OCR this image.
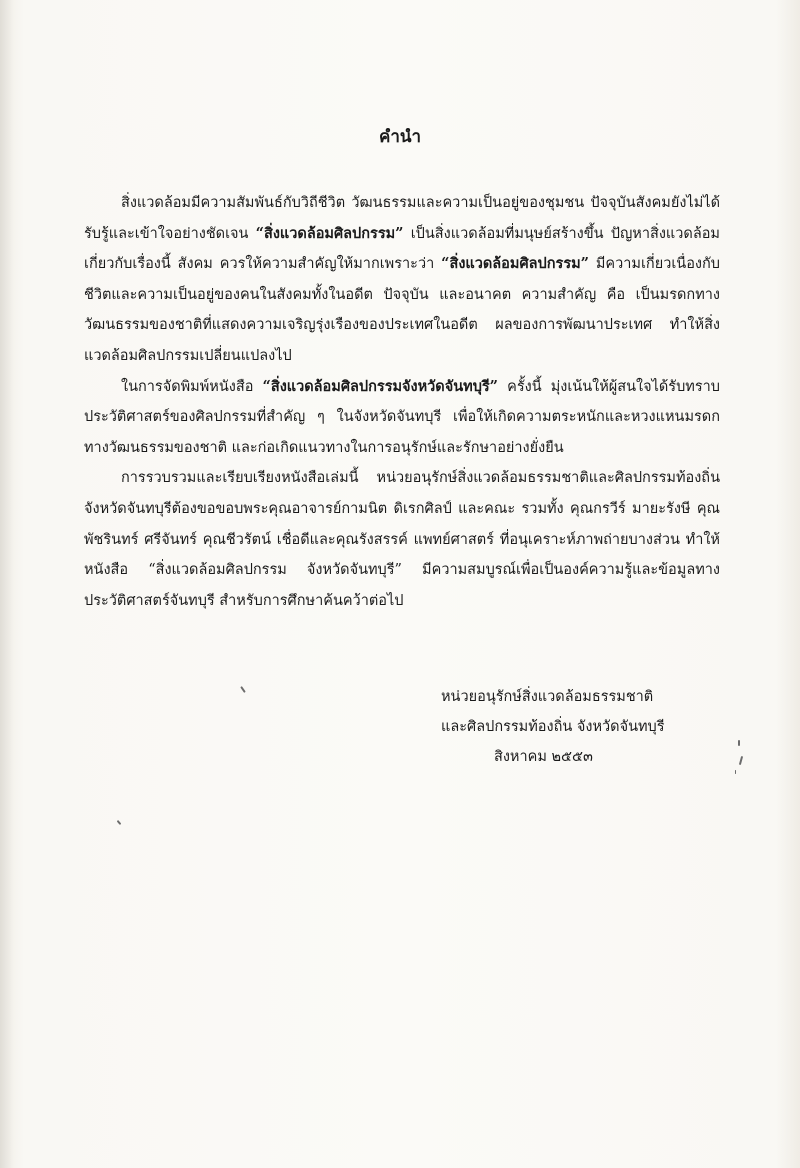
คำนำ

สิ่งแวดล้อมมีความสัมพันธ์กับวิถีชีวิต วัฒนธรรมและความเป็นอยู่ของชุมชน ปัจจุบันสังคมยังไม่ได้รับรู้และเข้าใจอย่างชัดเจน “สิ่งแวดล้อมศิลปกรรม” เป็นสิ่งแวดล้อมที่มนุษย์สร้างขึ้น ปัญหาสิ่งแวดล้อมเกี่ยวกับเรื่องนี้ สังคม ควรให้ความสำคัญให้มากเพราะว่า “สิ่งแวดล้อมศิลปกรรม” มีความเกี่ยวเนื่องกับชีวิตและความเป็นอยู่ของคนในสังคมทั้งในอดีต ปัจจุบัน และอนาคต ความสำคัญ คือ เป็นมรดกทางวัฒนธรรมของชาติที่แสดงความเจริญรุ่งเรืองของประเทศในอดีต ผลของการพัฒนาประเทศ ทำให้สิ่งแวดล้อมศิลปกรรมเปลี่ยนแปลงไป

ในการจัดพิมพ์หนังสือ “สิ่งแวดล้อมศิลปกรรมจังหวัดจันทบุรี” ครั้งนี้ มุ่งเน้นให้ผู้สนใจได้รับทราบประวัติศาสตร์ของศิลปกรรมที่สำคัญ ๆ ในจังหวัดจันทบุรี เพื่อให้เกิดความตระหนักและหวงแหนมรดกทางวัฒนธรรมของชาติ และก่อเกิดแนวทางในการอนุรักษ์และรักษาอย่างยั่งยืน

การรวบรวมและเรียบเรียงหนังสือเล่มนี้ หน่วยอนุรักษ์สิ่งแวดล้อมธรรมชาติและศิลปกรรมท้องถิ่นจังหวัดจันทบุรีต้องขอขอบพระคุณอาจารย์กามนิต ดิเรกศิลป์ และคณะ รวมทั้ง คุณกรวีร์ มายะรังษี คุณพัชรินทร์ ศรีจันทร์ คุณชีวรัตน์ เชื่อดีและคุณรังสรรค์ แพทย์ศาสตร์ ที่อนุเคราะห์ภาพถ่ายบางส่วน ทำให้ หนังสือ “สิ่งแวดล้อมศิลปกรรม จังหวัดจันทบุรี” มีความสมบูรณ์เพื่อเป็นองค์ความรู้และข้อมูลทางประวัติศาสตร์จันทบุรี สำหรับการศึกษาค้นคว้าต่อไป

หน่วยอนุรักษ์สิ่งแวดล้อมธรรมชาติ
และศิลปกรรมท้องถิ่น จังหวัดจันทบุรี
สิงหาคม ๒๕๕๓
